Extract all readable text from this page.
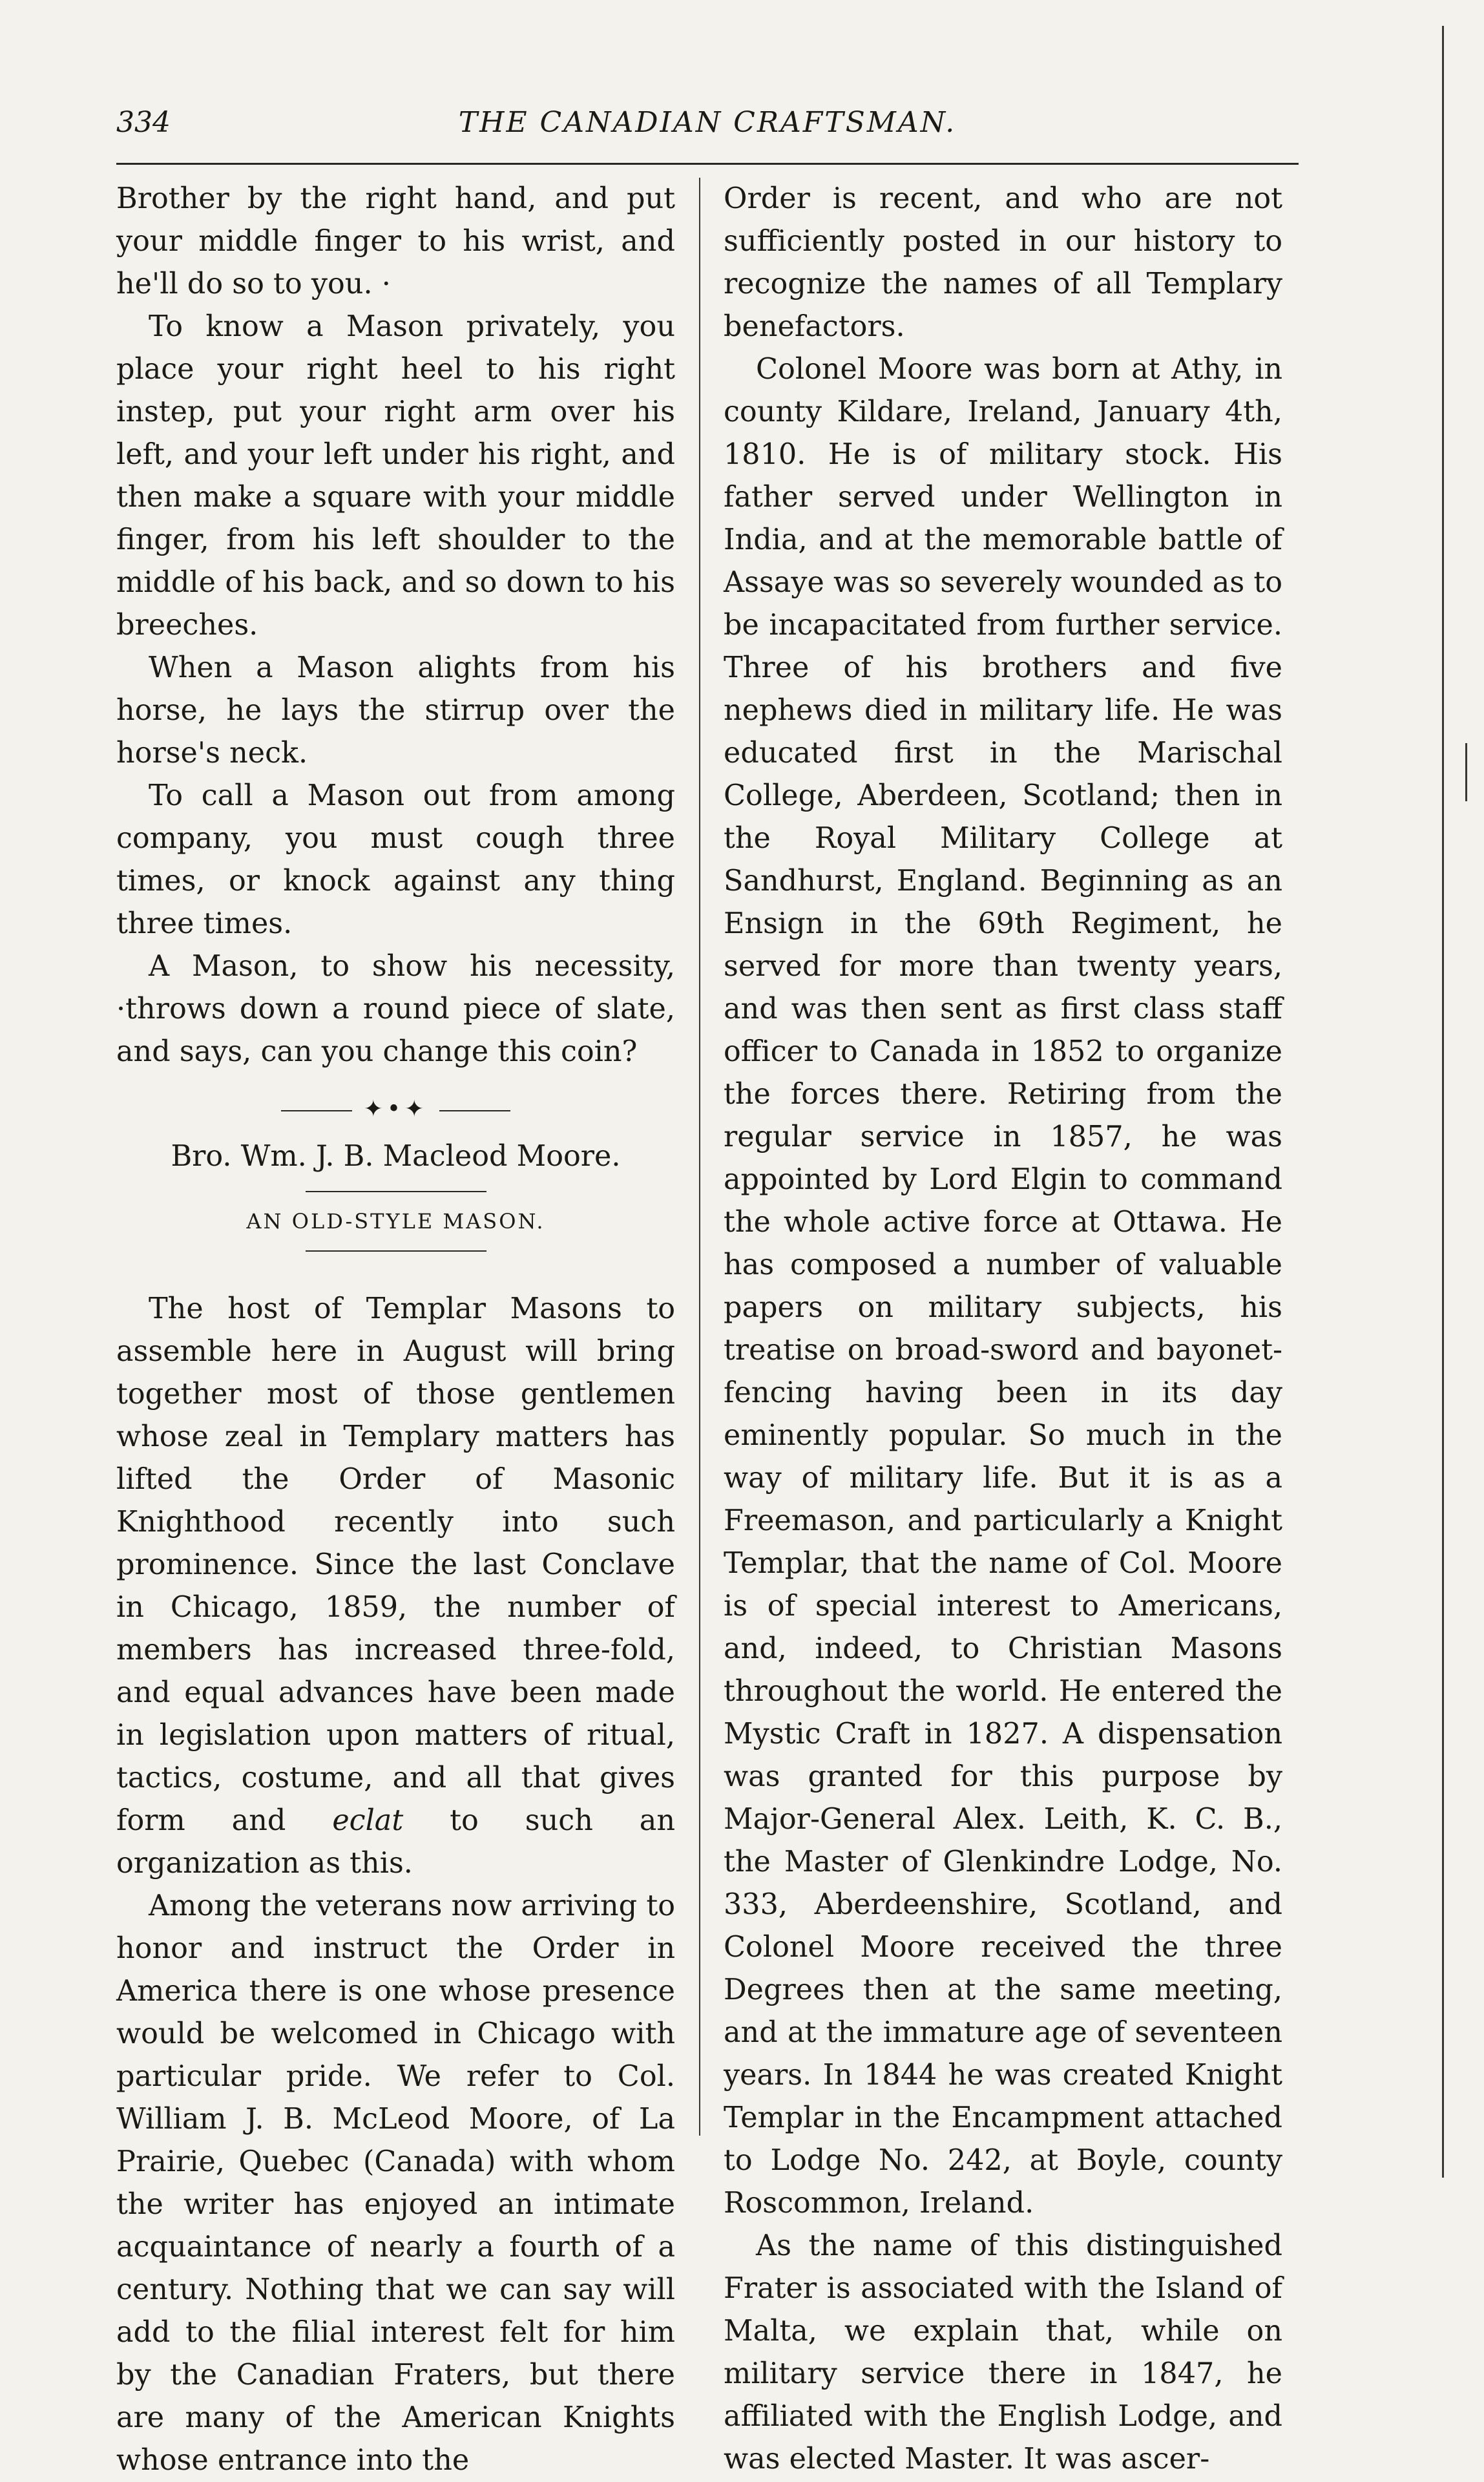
334	THE CANADIAN CRAFTSMAN.

Brother by the right hand, and put your middle finger to his wrist, and he'll do so to you. ·

To know a Mason privately, you place your right heel to his right instep, put your right arm over his left, and your left under his right, and then make a square with your middle finger, from his left shoulder to the middle of his back, and so down to his breeches.

When a Mason alights from his horse, he lays the stirrup over the horse's neck.

To call a Mason out from among company, you must cough three times, or knock against any thing three times.

A Mason, to show his necessity, ·throws down a round piece of slate, and says, can you change this coin?

✦•✦
Bro. Wm. J. B. Macleod Moore.
AN OLD-STYLE MASON.

The host of Templar Masons to assemble here in August will bring together most of those gentlemen whose zeal in Templary matters has lifted the Order of Masonic Knighthood recently into such prominence. Since the last Conclave in Chicago, 1859, the number of members has increased three-fold, and equal advances have been made in legislation upon matters of ritual, tactics, costume, and all that gives form and eclat to such an organization as this.

Among the veterans now arriving to honor and instruct the Order in America there is one whose presence would be welcomed in Chicago with particular pride. We refer to Col. William J. B. McLeod Moore, of La Prairie, Quebec (Canada) with whom the writer has enjoyed an intimate acquaintance of nearly a fourth of a century. Nothing that we can say will add to the filial interest felt for him by the Canadian Fraters, but there are many of the American Knights whose entrance into the

Order is recent, and who are not sufficiently posted in our history to recognize the names of all Templary benefactors.

Colonel Moore was born at Athy, in county Kildare, Ireland, January 4th, 1810. He is of military stock. His father served under Wellington in India, and at the memorable battle of Assaye was so severely wounded as to be incapacitated from further service. Three of his brothers and five nephews died in military life. He was educated first in the Marischal College, Aberdeen, Scotland; then in the Royal Military College at Sandhurst, England. Beginning as an Ensign in the 69th Regiment, he served for more than twenty years, and was then sent as first class staff officer to Canada in 1852 to organize the forces there. Retiring from the regular service in 1857, he was appointed by Lord Elgin to command the whole active force at Ottawa. He has composed a number of valuable papers on military subjects, his treatise on broad-sword and bayonet-fencing having been in its day eminently popular. So much in the way of military life. But it is as a Freemason, and particularly a Knight Templar, that the name of Col. Moore is of special interest to Americans, and, indeed, to Christian Masons throughout the world. He entered the Mystic Craft in 1827. A dispensation was granted for this purpose by Major-General Alex. Leith, K. C. B., the Master of Glenkindre Lodge, No. 333, Aberdeenshire, Scotland, and Colonel Moore received the three Degrees then at the same meeting, and at the immature age of seventeen years. In 1844 he was created Knight Templar in the Encampment attached to Lodge No. 242, at Boyle, county Roscommon, Ireland.

As the name of this distinguished Frater is associated with the Island of Malta, we explain that, while on military service there in 1847, he affiliated with the English Lodge, and was elected Master. It was ascer-
